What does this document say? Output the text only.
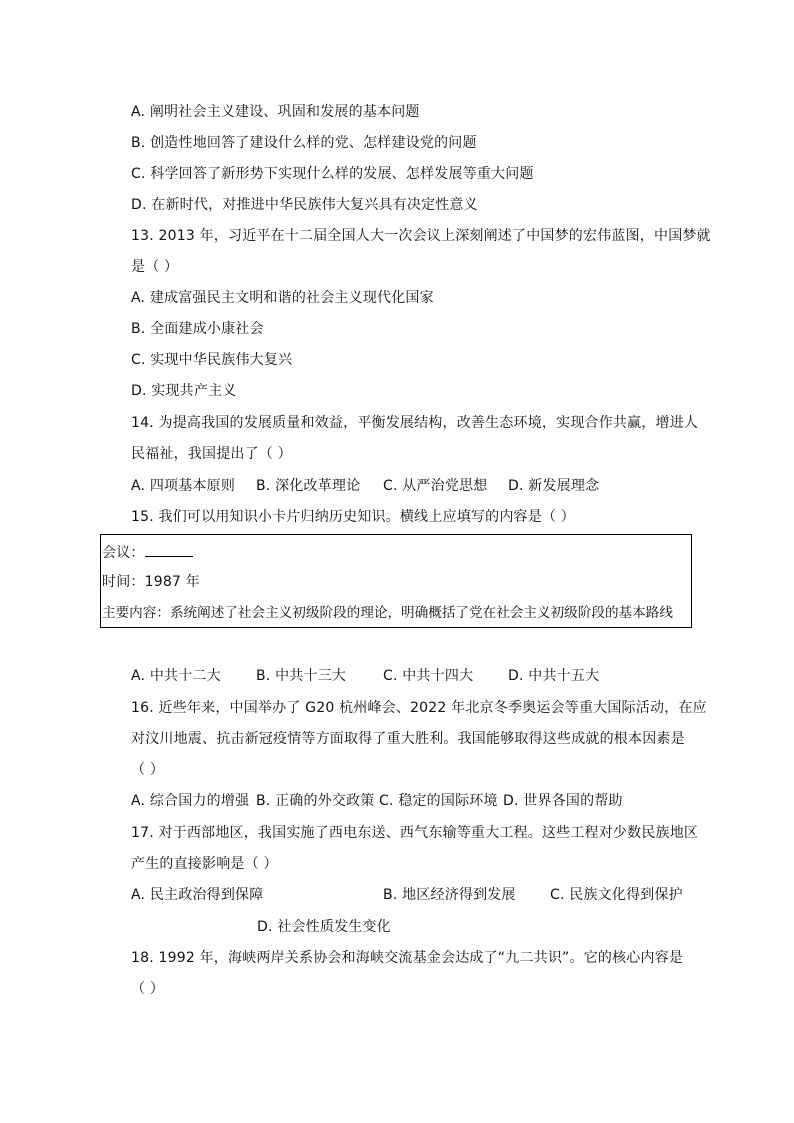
A. 阐明社会主义建设、巩固和发展的基本问题
B. 创造性地回答了建设什么样的党、怎样建设党的问题
C. 科学回答了新形势下实现什么样的发展、怎样发展等重大问题
D. 在新时代，对推进中华民族伟大复兴具有决定性意义
13. 2013 年，习近平在十二届全国人大一次会议上深刻阐述了中国梦的宏伟蓝图，中国梦就
是（ ）
A. 建成富强民主文明和谐的社会主义现代化国家
B. 全面建成小康社会
C. 实现中华民族伟大复兴
D. 实现共产主义
14. 为提高我国的发展质量和效益，平衡发展结构，改善生态环境，实现合作共赢，增进人
民福祉，我国提出了（ ）
A. 四项基本原则 B. 深化改革理论 C. 从严治党思想 D. 新发展理念
15. 我们可以用知识小卡片归纳历史知识。横线上应填写的内容是（ ）
会议：
时间：1987 年
主要内容：系统阐述了社会主义初级阶段的理论，明确概括了党在社会主义初级阶段的基本路线
A. 中共十二大	B. 中共十三大	C. 中共十四大 D. 中共十五大
16. 近些年来，中国举办了 G20 杭州峰会、2022 年北京冬季奥运会等重大国际活动，在应
对汶川地震、抗击新冠疫情等方面取得了重大胜利。我国能够取得这些成就的根本因素是
（ ）
A. 综合国力的增强 B. 正确的外交政策 C. 稳定的国际环境 D. 世界各国的帮助
17. 对于西部地区，我国实施了西电东送、西气东输等重大工程。这些工程对少数民族地区
产生的直接影响是（ ）
A. 民主政治得到保障	B. 地区经济得到发展 C. 民族文化得到保护
D. 社会性质发生变化
18. 1992 年，海峡两岸关系协会和海峡交流基金会达成了“九二共识”。它的核心内容是
（ ）
